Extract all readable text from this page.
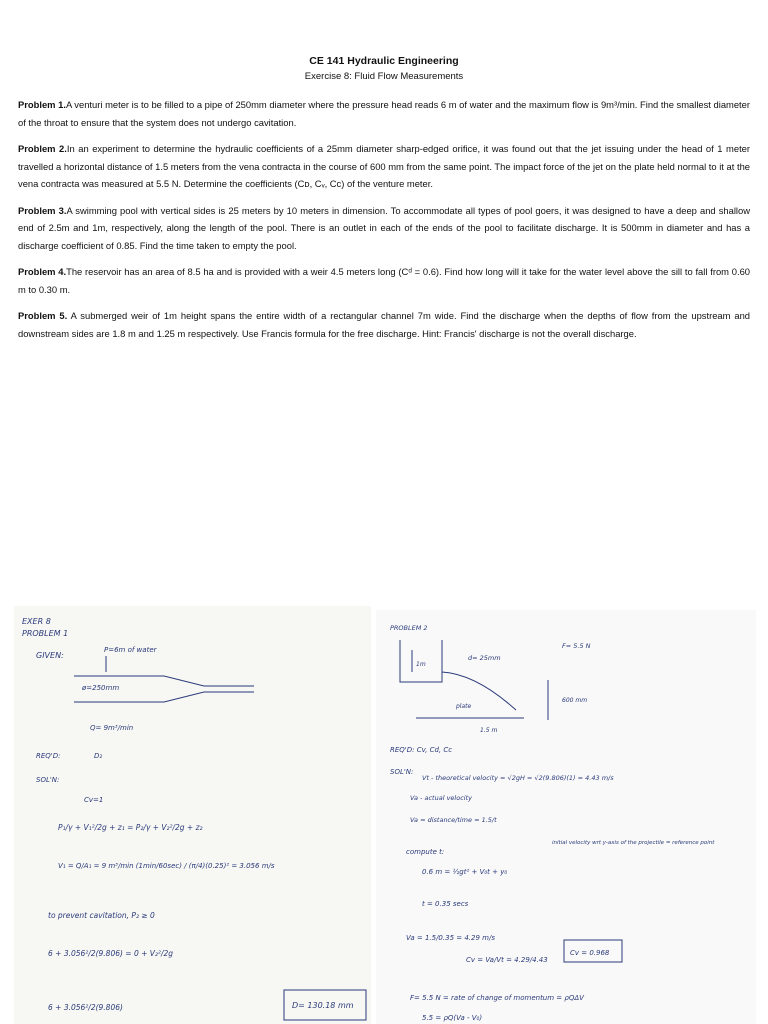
CE 141 Hydraulic Engineering
Exercise 8: Fluid Flow Measurements

Problem 1.A venturi meter is to be filled to a pipe of 250mm diameter where the pressure head reads 6 m of water and the maximum flow is 9m³/min. Find the smallest diameter of the throat to ensure that the system does not undergo cavitation.

Problem 2.In an experiment to determine the hydraulic coefficients of a 25mm diameter sharp-edged orifice, it was found out that the jet issuing under the head of 1 meter travelled a horizontal distance of 1.5 meters from the vena contracta in the course of 600 mm from the same point. The impact force of the jet on the plate held normal to it at the vena contracta was measured at 5.5 N. Determine the coefficients (Cᴅ, Cᵥ, Cᴄ) of the venture meter.

Problem 3.A swimming pool with vertical sides is 25 meters by 10 meters in dimension. To accommodate all types of pool goers, it was designed to have a deep and shallow end of 2.5m and 1m, respectively, along the length of the pool. There is an outlet in each of the ends of the pool to facilitate discharge. It is 500mm in diameter and has a discharge coefficient of 0.85. Find the time taken to empty the pool.

Problem 4.The reservoir has an area of 8.5 ha and is provided with a weir 4.5 meters long (Cᵈ = 0.6). Find how long will it take for the water level above the sill to fall from 0.60 m to 0.30 m.

Problem 5. A submerged weir of 1m height spans the entire width of a rectangular channel 7m wide. Find the discharge when the depths of flow from the upstream and downstream sides are 1.8 m and 1.25 m respectively. Use Francis formula for the free discharge. Hint: Francis' discharge is not the overall discharge.

EXER 8
PROBLEM 1
GIVEN:
P=6m of water
ø=250mm
Q= 9m³/min
REQ'D:	D₂
SOL'N:
Cv=1
P₁/γ + V₁²/2g + z₁ = P₂/γ + V₂²/2g + z₂
V₁ = Q/A₁ = 9 m³/min (1min/60sec) / (π/4)(0.25)² = 3.056 m/s
to prevent cavitation, P₂ ≥ 0
6 + 3.056²/2(9.806) = 0 + V₂²/2g
6 + 3.056²/2(9.806)	D= 130.18 mm
PROBLEM 2
d= 25mm
F= 5.5 N
1m
plate
600 mm
1.5 m
REQ'D: Cv, Cd, Cc
SOL'N:
Vt - theoretical velocity = √2gH = √2(9.806)(1) = 4.43 m/s
Va - actual velocity
Va = distance/time = 1.5/t
compute t:
initial velocity wrt y-axis of the projectile = reference point
0.6 m = ½gt² + V₀t + y₀
t = 0.35 secs
Va = 1.5/0.35 = 4.29 m/s
Cv = Va/Vt = 4.29/4.43
Cv = 0.968
F= 5.5 N = rate of change of momentum = ρQΔV
5.5 = ρQ(Va - V₀)
